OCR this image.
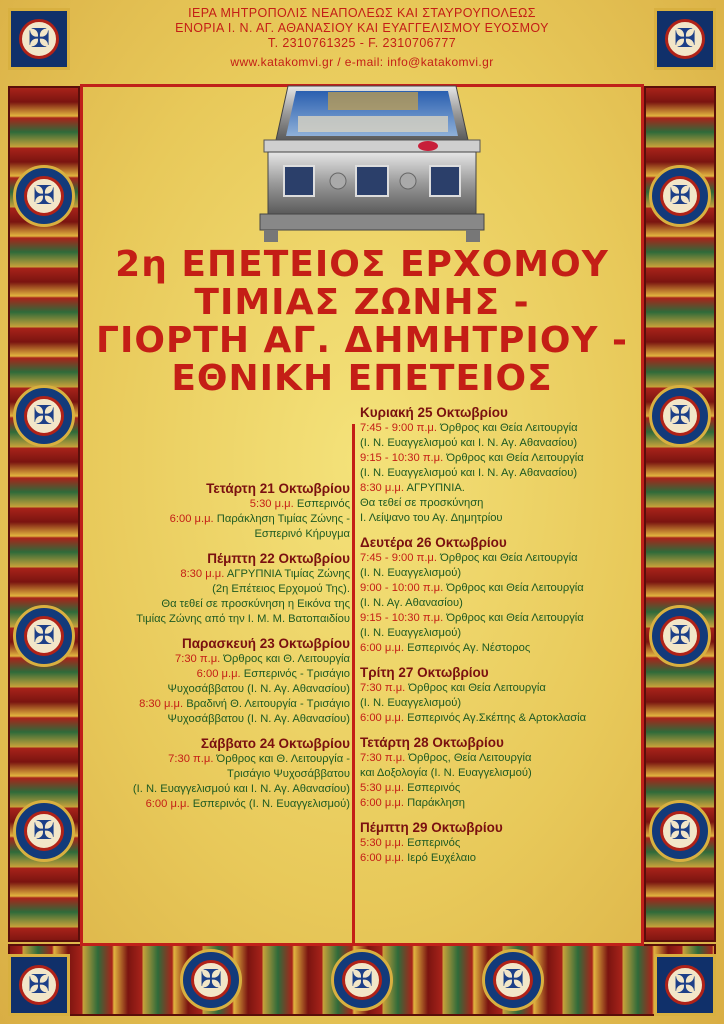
✠	✠
✠	✠
✠
✠
✠
✠
✠
✠
✠
✠
✠	✠	✠
ΙΕΡΑ ΜΗΤΡΟΠΟΛΙΣ ΝΕΑΠΟΛΕΩΣ ΚΑΙ ΣΤΑΥΡΟΥΠΟΛΕΩΣ
ΕΝΟΡΙΑ Ι. Ν. ΑΓ. ΑΘΑΝΑΣΙΟΥ ΚΑΙ ΕΥΑΓΓΕΛΙΣΜΟΥ ΕΥΟΣΜΟΥ
Τ. 2310761325 - F. 2310706777
www.katakomvi.gr / e-mail: info@katakomvi.gr
2η ΕΠΕΤΕΙΟΣ ΕΡΧΟΜΟΥ
ΤΙΜΙΑΣ ΖΩΝΗΣ -
ΓΙΟΡΤΗ ΑΓ. ΔΗΜΗΤΡΙΟΥ -
ΕΘΝΙΚΗ ΕΠΕΤΕΙΟΣ
Τετάρτη 21 Οκτωβρίου
5:30 μ.μ. Εσπερινός
6:00 μ.μ. Παράκληση Τιμίας Ζώνης -
Εσπερινό Κήρυγμα
Πέμπτη 22 Οκτωβρίου
8:30 μ.μ. ΑΓΡΥΠΝΙΑ Τιμίας Ζώνης
(2η Επέτειος Ερχομού Της).
Θα τεθεί σε προσκύνηση η Εικόνα της
Τιμίας Ζώνης από την Ι. Μ. Μ. Βατοπαιδίου
Παρασκευή 23 Οκτωβρίου
7:30 π.μ. Όρθρος και Θ. Λειτουργία
6:00 μ.μ. Εσπερινός - Τρισάγιο
Ψυχοσάββατου (Ι. Ν. Αγ. Αθανασίου)
8:30 μ.μ. Βραδινή Θ. Λειτουργία - Τρισάγιο
Ψυχοσάββατου (Ι. Ν. Αγ. Αθανασίου)
Σάββατο 24 Οκτωβρίου
7:30 π.μ. Όρθρος και Θ. Λειτουργία -
Τρισάγιο Ψυχοσάββατου
(Ι. Ν. Ευαγγελισμού και Ι. Ν. Αγ. Αθανασίου)
6:00 μ.μ. Εσπερινός (Ι. Ν. Ευαγγελισμού)
Κυριακή 25 Οκτωβρίου
7:45 - 9:00 π.μ. Όρθρος και Θεία Λειτουργία
(Ι. Ν. Ευαγγελισμού και Ι. Ν. Αγ. Αθανασίου)
9:15 - 10:30 π.μ. Όρθρος και Θεία Λειτουργία
(Ι. Ν. Ευαγγελισμού και Ι. Ν. Αγ. Αθανασίου)
8:30 μ.μ. ΑΓΡΥΠΝΙΑ.
Θα τεθεί σε προσκύνηση
Ι. Λείψανο του Αγ. Δημητρίου
Δευτέρα 26 Οκτωβρίου
7:45 - 9:00 π.μ. Όρθρος και Θεία Λειτουργία
(Ι. Ν. Ευαγγελισμού)
9:00 - 10:00 π.μ. Όρθρος και Θεία Λειτουργία
(Ι. Ν. Αγ. Αθανασίου)
9:15 - 10:30 π.μ. Όρθρος και Θεία Λειτουργία
(Ι. Ν. Ευαγγελισμού)
6:00 μ.μ. Εσπερινός Αγ. Νέστορος
Τρίτη 27 Οκτωβρίου
7:30 π.μ. Όρθρος και Θεία Λειτουργία
(Ι. Ν. Ευαγγελισμού)
6:00 μ.μ. Εσπερινός Αγ.Σκέπης & Αρτοκλασία
Τετάρτη 28 Οκτωβρίου
7:30 π.μ. Όρθρος, Θεία Λειτουργία
και Δοξολογία (Ι. Ν. Ευαγγελισμού)
5:30 μ.μ. Εσπερινός
6:00 μ.μ. Παράκληση
Πέμπτη 29 Οκτωβρίου
5:30 μ.μ. Εσπερινός
6:00 μ.μ. Ιερό Ευχέλαιο
